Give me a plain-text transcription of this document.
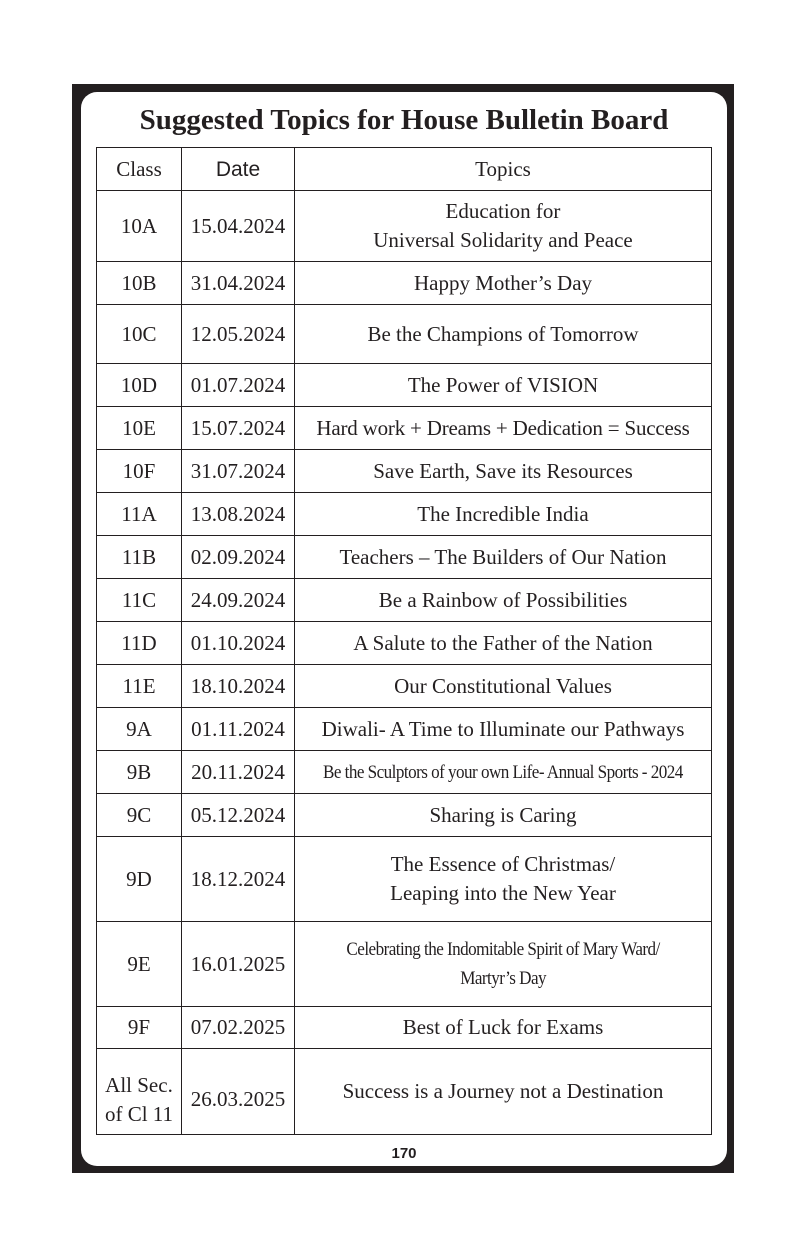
Suggested Topics for House Bulletin Board
Class	Date	Topics
10A	15.04.2024	Education for
Universal Solidarity and Peace
10B	31.04.2024	Happy Mother’s Day
10C	12.05.2024	Be the Champions of Tomorrow
10D	01.07.2024	The Power of VISION
10E	15.07.2024	Hard work + Dreams + Dedication = Success
10F	31.07.2024	Save Earth, Save its Resources
11A	13.08.2024	The Incredible India
11B	02.09.2024	Teachers – The Builders of Our Nation
11C	24.09.2024	Be a Rainbow of Possibilities
11D	01.10.2024	A Salute to the Father of the Nation
11E	18.10.2024	Our Constitutional Values
9A	01.11.2024	Diwali- A Time to Illuminate our Pathways
9B	20.11.2024	Be the Sculptors of your own Life- Annual Sports - 2024
9C	05.12.2024	Sharing is Caring
9D	18.12.2024	The Essence of Christmas/
Leaping into the New Year
9E	16.01.2025	Celebrating the Indomitable Spirit of Mary Ward/
Martyr’s Day
9F	07.02.2025	Best of Luck for Exams
All Sec.
of Cl 11	26.03.2025	Success is a Journey not a Destination
170
